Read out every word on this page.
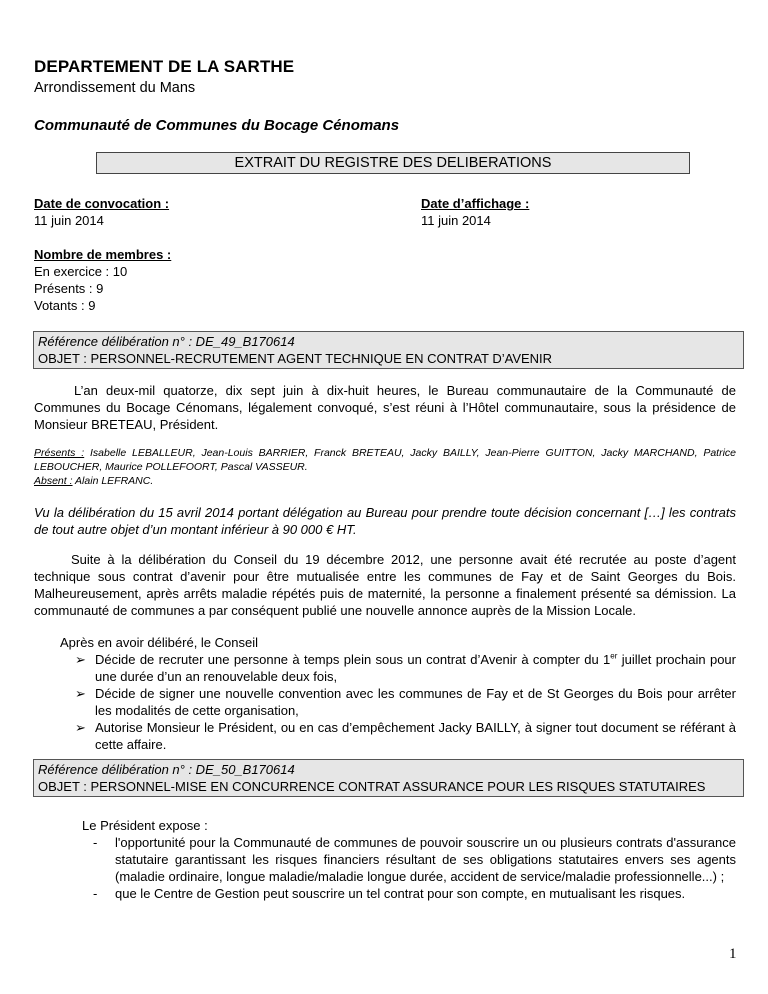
DEPARTEMENT DE LA SARTHE
Arrondissement du Mans
Communauté de Communes du Bocage Cénomans
EXTRAIT DU REGISTRE DES DELIBERATIONS
Date de convocation :
11 juin 2014
Date d’affichage :
11 juin 2014
Nombre de membres :
En exercice : 10
Présents : 9
Votants : 9
Référence délibération n° : DE_49_B170614
OBJET : PERSONNEL-RECRUTEMENT AGENT TECHNIQUE EN CONTRAT D’AVENIR
L’an deux-mil quatorze, dix sept juin à dix-huit heures, le Bureau communautaire de la Communauté de Communes du Bocage Cénomans, légalement convoqué, s’est réuni à l’Hôtel communautaire, sous la présidence de Monsieur BRETEAU, Président.
Présents : Isabelle LEBALLEUR, Jean-Louis BARRIER, Franck BRETEAU, Jacky BAILLY, Jean-Pierre GUITTON, Jacky MARCHAND, Patrice LEBOUCHER, Maurice POLLEFOORT, Pascal VASSEUR.
Absent : Alain LEFRANC.
Vu la délibération du 15 avril 2014 portant délégation au Bureau pour prendre toute décision concernant […] les contrats de tout autre objet d’un montant inférieur à 90 000 € HT.
Suite à la délibération du Conseil du 19 décembre 2012, une personne avait été recrutée au poste d’agent technique sous contrat d’avenir pour être mutualisée entre les communes de Fay et de Saint Georges du Bois. Malheureusement, après arrêts maladie répétés puis de maternité, la personne a finalement présenté sa démission. La communauté de communes a par conséquent publié une nouvelle annonce auprès de la Mission Locale.
Après en avoir délibéré, le Conseil
➢ Décide de recruter une personne à temps plein sous un contrat d’Avenir à compter du 1er juillet prochain pour une durée d’un an renouvelable deux fois,
➢ Décide de signer une nouvelle convention avec les communes de Fay et de St Georges du Bois pour arrêter les modalités de cette organisation,
➢ Autorise Monsieur le Président, ou en cas d’empêchement Jacky BAILLY, à signer tout document se référant à cette affaire.
Référence délibération n° : DE_50_B170614
OBJET : PERSONNEL-MISE EN CONCURRENCE CONTRAT ASSURANCE POUR LES RISQUES STATUTAIRES
Le Président expose :
- l'opportunité pour la Communauté de communes de pouvoir souscrire un ou plusieurs contrats d'assurance statutaire garantissant les risques financiers résultant de ses obligations statutaires envers ses agents (maladie ordinaire, longue maladie/maladie longue durée, accident de service/maladie professionnelle...) ;
- que le Centre de Gestion peut souscrire un tel contrat pour son compte, en mutualisant les risques.
1
